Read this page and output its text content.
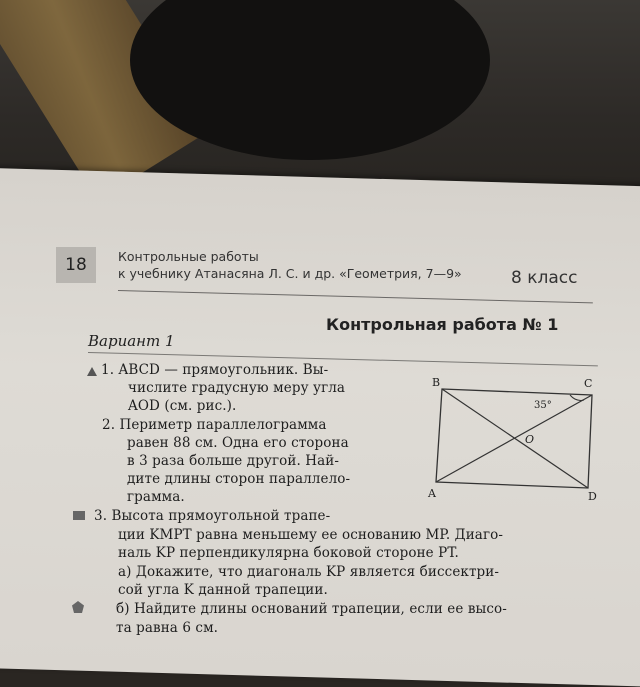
18	Контрольные работы
к учебнику Атанасяна Л. С. и др. «Геометрия, 7—9»	8 класс
Контрольная работа № 1
Вариант 1
1. ABCD — прямоугольник. Вы-
числите градусную меру угла
AOD (см. рис.).
2. Периметр параллелограмма
равен 88 см. Одна его сторона
в 3 раза больше другой. Най-
дите длины сторон параллело-
грамма.
3. Высота прямоугольной трапе-
ции KMPT равна меньшему ее основанию MP. Диаго-
наль KP перпендикулярна боковой стороне PT.
а) Докажите, что диагональ KP является биссектри-
сой угла K данной трапеции.
б) Найдите длины оснований трапеции, если ее высо-
та равна 6 см.
B	C
A	D
O
35°
